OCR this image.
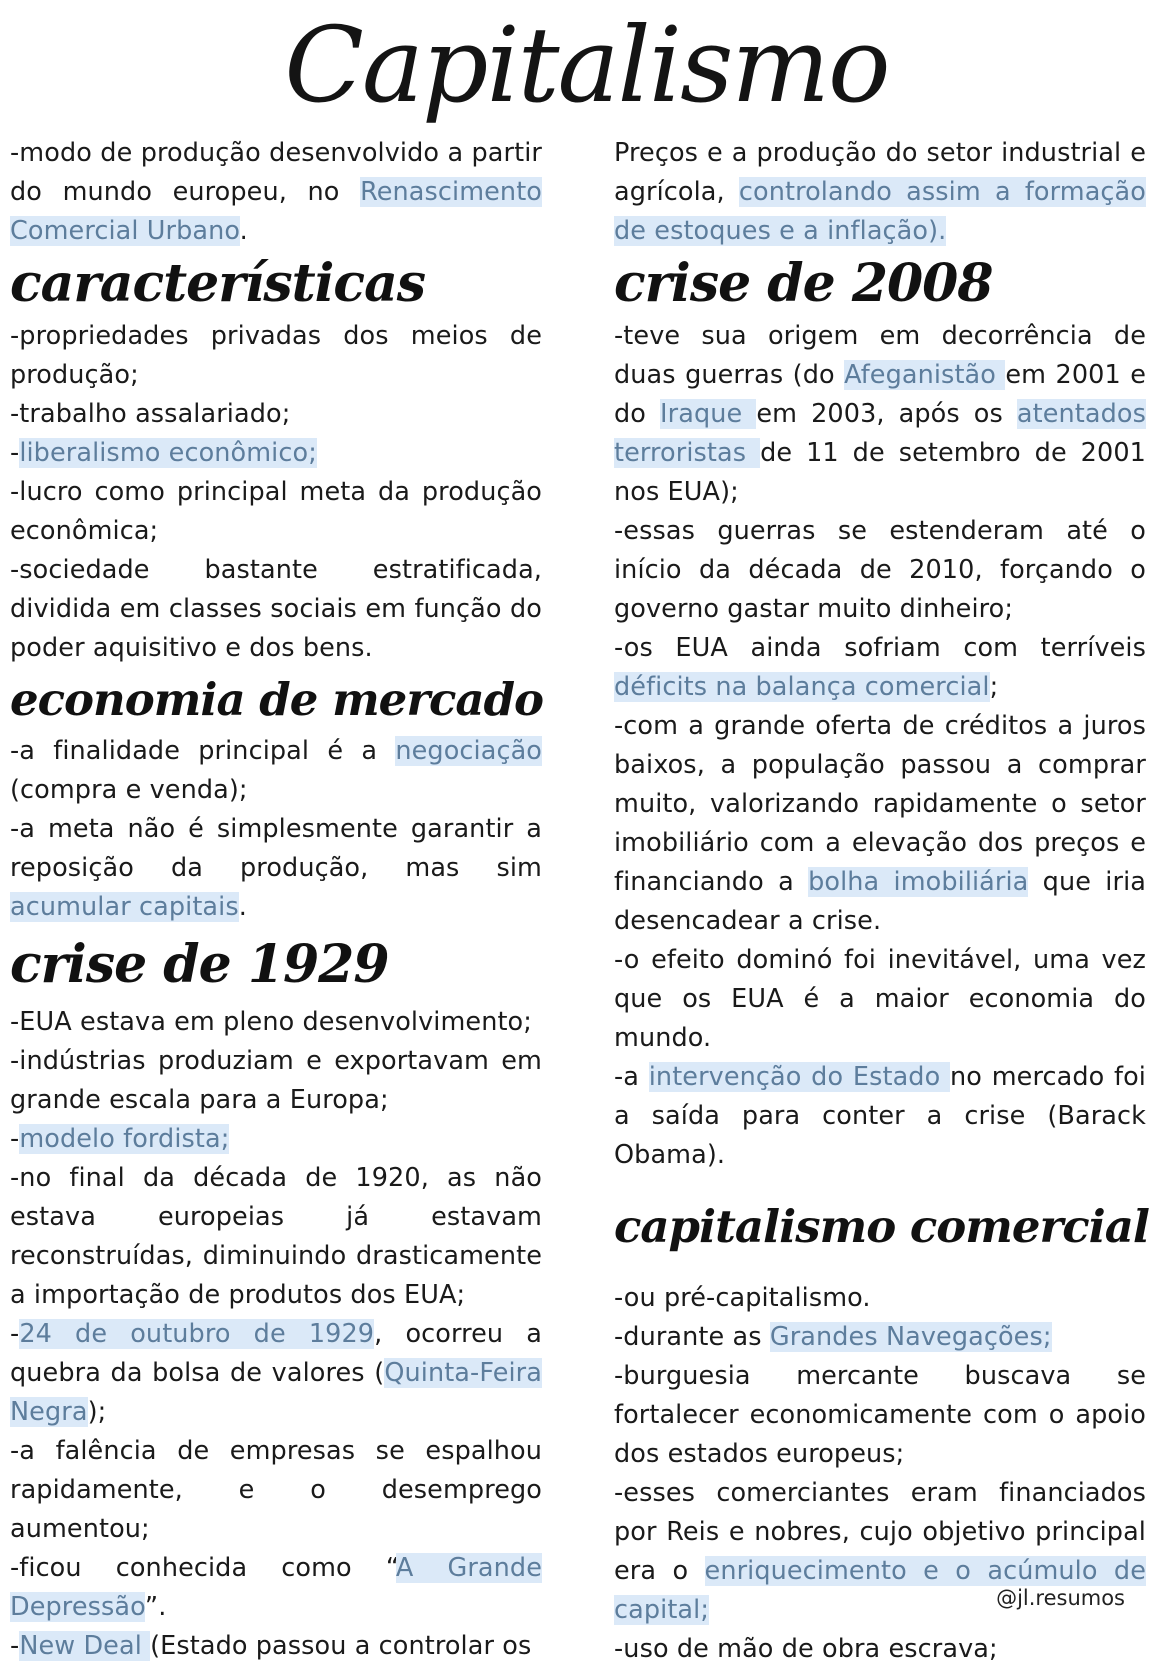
Capitalismo

-modo de produção desenvolvido a partir do mundo europeu, no Renascimento Comercial Urbano.

características

-propriedades privadas dos meios de produção;

-trabalho assalariado;

-liberalismo econômico;

-lucro como principal meta da produção econômica;

-sociedade bastante estratificada, dividida em classes sociais em função do poder aquisitivo e dos bens.

economia de mercado

-a finalidade principal é a negociação (compra e venda);

-a meta não é simplesmente garantir a reposição da produção, mas sim acumular capitais.

crise de 1929

-EUA estava em pleno desenvolvimento;

-indústrias produziam e exportavam em grande escala para a Europa;

-modelo fordista;

-no final da década de 1920, as não estava europeias já estavam reconstruídas, diminuindo drasticamente a importação de produtos dos EUA;

-24 de outubro de 1929, ocorreu a quebra da bolsa de valores (Quinta-Feira Negra);

-a falência de empresas se espalhou rapidamente, e o desemprego aumentou;

-ficou conhecida como “A Grande Depressão”.

-New Deal (Estado passou a controlar os

Preços e a produção do setor industrial e agrícola, controlando assim a formação de estoques e a inflação).

crise de 2008

-teve sua origem em decorrência de duas guerras (do Afeganistão em 2001 e do Iraque em 2003, após os atentados terroristas de 11 de setembro de 2001 nos EUA);

-essas guerras se estenderam até o início da década de 2010, forçando o governo gastar muito dinheiro;

-os EUA ainda sofriam com terríveis déficits na balança comercial;

-com a grande oferta de créditos a juros baixos, a população passou a comprar muito, valorizando rapidamente o setor imobiliário com a elevação dos preços e financiando a bolha imobiliária que iria desencadear a crise.

-o efeito dominó foi inevitável, uma vez que os EUA é a maior economia do mundo.

-a intervenção do Estado no mercado foi a saída para conter a crise (Barack Obama).

capitalismo comercial

-ou pré-capitalismo.

-durante as Grandes Navegações;

-burguesia mercante buscava se fortalecer economicamente com o apoio dos estados europeus;

-esses comerciantes eram financiados por Reis e nobres, cujo objetivo principal era o enriquecimento e o acúmulo de capital;

-uso de mão de obra escrava;

@jl.resumos
